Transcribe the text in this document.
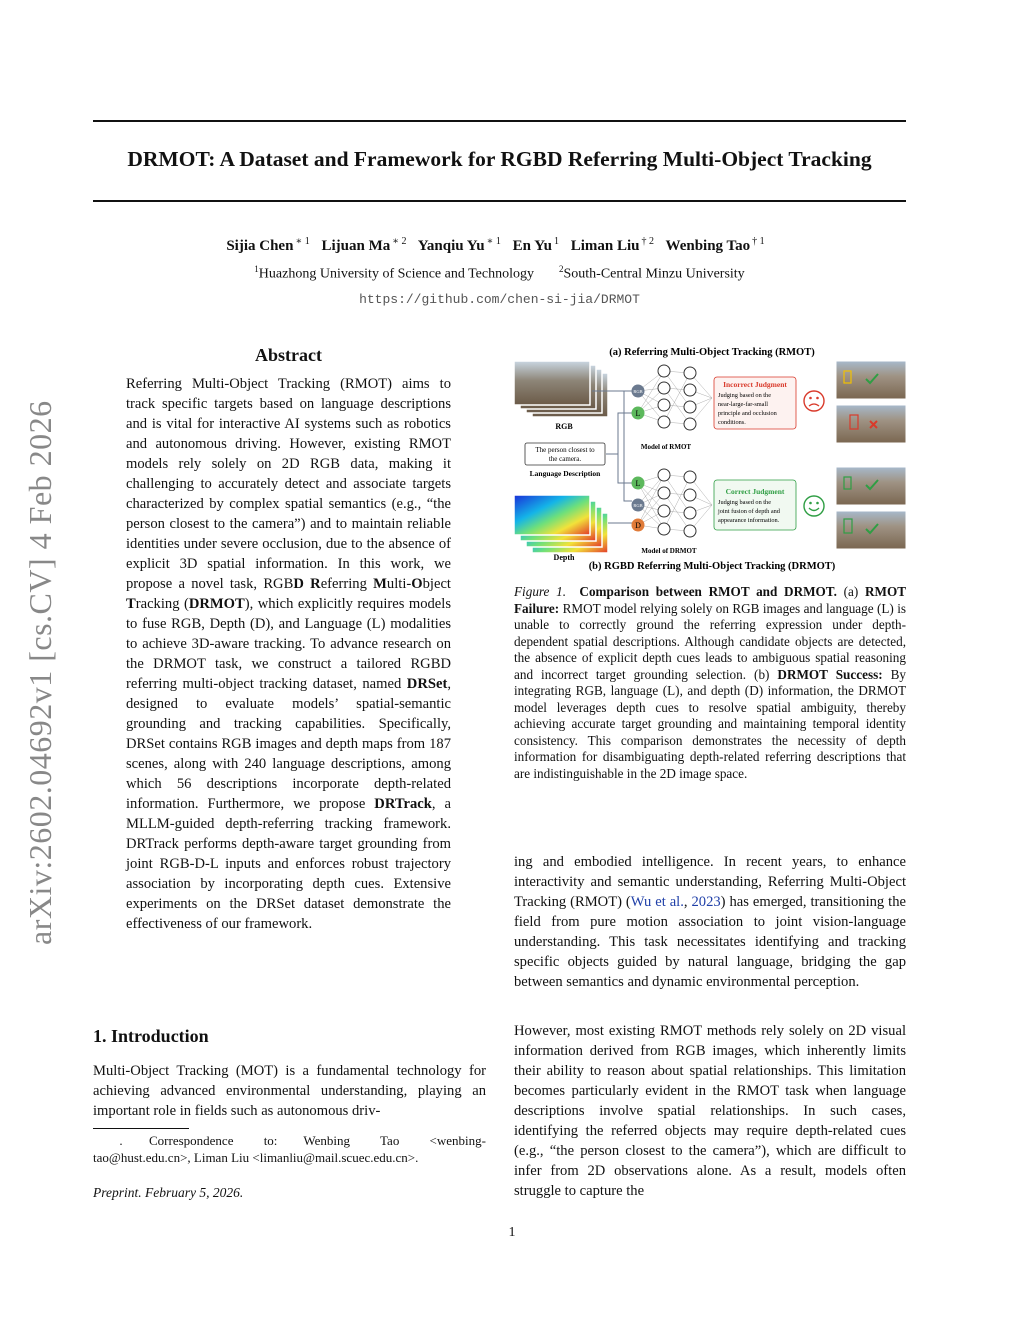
arXiv:2602.04692v1 [cs.CV] 4 Feb 2026
DRMOT: A Dataset and Framework for RGBD Referring Multi-Object Tracking
Sijia Chen $^{∗ 1}$ Lijuan Ma $^{∗ 2}$ Yanqiu Yu $^{∗ 1}$ En Yu $^1$ Liman Liu $^{\dagger 2}$ Wenbing Tao $^{\dagger 1}$
$^1$Huazhong University of Science and Technology	$^2$South-Central Minzu University
https://github.com/chen-si-jia/DRMOT
Abstract

Referring Multi-Object Tracking (RMOT) aims to track specific targets based on language descriptions and is vital for interactive AI systems such as robotics and autonomous driving. However, existing RMOT models rely solely on 2D RGB data, making it challenging to accurately detect and associate targets characterized by complex spatial semantics (e.g., “the person closest to the camera”) and to maintain reliable identities under severe occlusion, due to the absence of explicit 3D spatial information. In this work, we propose a novel task, RGBD Referring Multi-Object Tracking (DRMOT), which explicitly requires models to fuse RGB, Depth (D), and Language (L) modalities to achieve 3D-aware tracking. To advance research on the DRMOT task, we construct a tailored RGBD referring multi-object tracking dataset, named DRSet, designed to evaluate models’ spatial-semantic grounding and tracking capabilities. Specifically, DRSet contains RGB images and depth maps from 187 scenes, along with 240 language descriptions, among which 56 descriptions incorporate depth-related information. Furthermore, we propose DRTrack, a MLLM-guided depth-referring tracking framework. DRTrack performs depth-aware target grounding from joint RGB-D-L inputs and enforces robust trajectory association by incorporating depth cues. Extensive experiments on the DRSet dataset demonstrate the effectiveness of our framework.

1. Introduction
Multi-Object Tracking (MOT) is a fundamental technology for achieving advanced environmental understanding, playing an important role in fields such as autonomous driv-
. Correspondence to: Wenbing Tao <wenbing-tao@hust.edu.cn>, Liman Liu <limanliu@mail.scuec.edu.cn>.
Preprint. February 5, 2026.
1
(a) Referring Multi-Object Tracking (RMOT)
(b) RGBD Referring Multi-Object Tracking (DRMOT)
RGB
The person closest to
the camera.
Language Description
Depth
RGB
L
Model of RMOT
L
RGB
D
Model of DRMOT
Incorrect Judgment
Judging based on the
near-large-far-small
principle and occlusion
conditions.
Correct Judgment
Judging based on the
joint fusion of depth and
appearance information.
Figure 1. Comparison between RMOT and DRMOT. (a) RMOT Failure: RMOT model relying solely on RGB images and language (L) is unable to correctly ground the referring expression under depth-dependent spatial descriptions. Although candidate objects are detected, the absence of explicit depth cues leads to ambiguous spatial reasoning and incorrect target grounding selection. (b) DRMOT Success: By integrating RGB, language (L), and depth (D) information, the DRMOT model leverages depth cues to resolve spatial ambiguity, thereby achieving accurate target grounding and maintaining temporal identity consistency. This comparison demonstrates the necessity of depth information for disambiguating depth-related referring descriptions that are indistinguishable in the 2D image space.
ing and embodied intelligence. In recent years, to enhance interactivity and semantic understanding, Referring Multi-Object Tracking (RMOT) (Wu et al., 2023) has emerged, transitioning the field from pure motion association to joint vision-language understanding. This task necessitates identifying and tracking specific objects guided by natural language, bridging the gap between semantics and dynamic environmental perception.
However, most existing RMOT methods rely solely on 2D visual information derived from RGB images, which inherently limits their ability to reason about spatial relationships. This limitation becomes particularly evident in the RMOT task when language descriptions involve spatial relationships. In such cases, identifying the referred objects may require depth-related cues (e.g., “the person closest to the camera”), which are difficult to infer from 2D observations alone. As a result, models often struggle to capture the
